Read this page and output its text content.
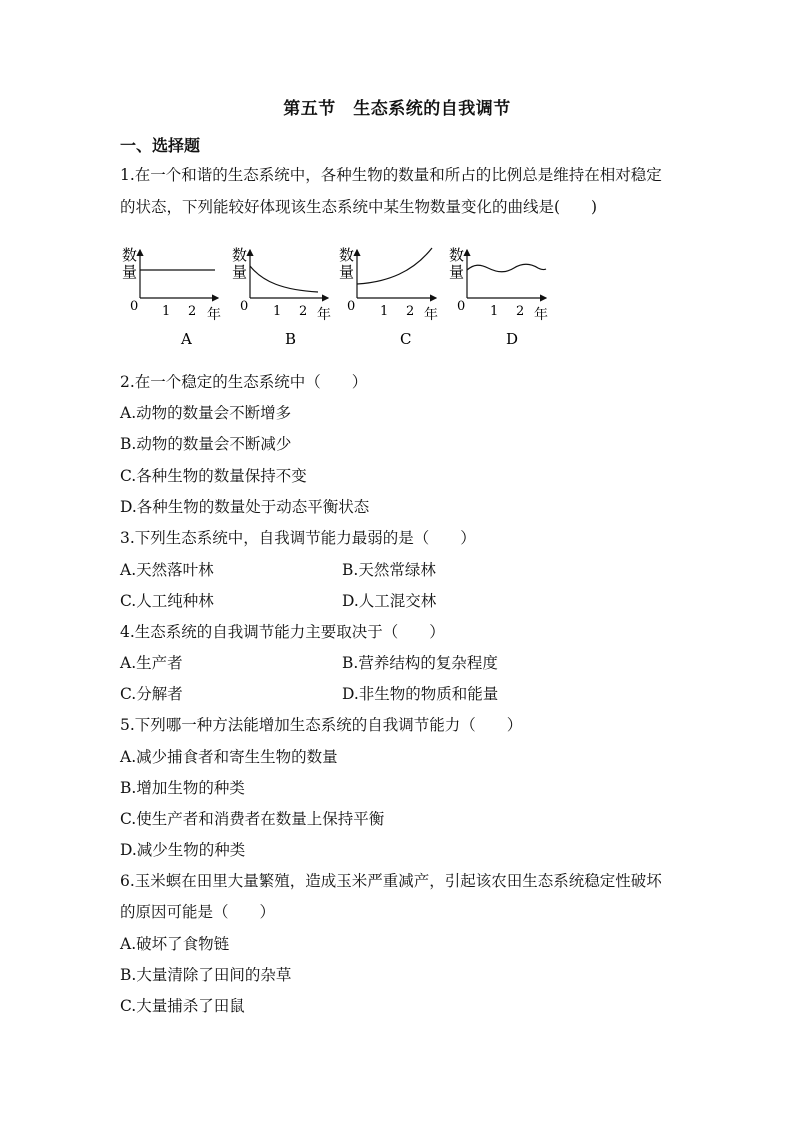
第五节　生态系统的自我调节
一、选择题
1.在一个和谐的生态系统中，各种生物的数量和所占的比例总是维持在相对稳定
的状态，下列能较好体现该生态系统中某生物数量变化的曲线是(　　)
数
量
0 1 2 年
A
数
量
0 1 2 年
B
数
量
0 1 2 年
C
数
量
0 1 2 年
D
2.在一个稳定的生态系统中（　　）
A.动物的数量会不断增多
B.动物的数量会不断减少
C.各种生物的数量保持不变
D.各种生物的数量处于动态平衡状态
3.下列生态系统中，自我调节能力最弱的是（　　）
A.天然落叶林	B.天然常绿林
C.人工纯种林	D.人工混交林
4.生态系统的自我调节能力主要取决于（　　）
A.生产者	B.营养结构的复杂程度
C.分解者	D.非生物的物质和能量
5.下列哪一种方法能增加生态系统的自我调节能力（　　）
A.减少捕食者和寄生生物的数量
B.增加生物的种类
C.使生产者和消费者在数量上保持平衡
D.减少生物的种类
6.玉米螟在田里大量繁殖，造成玉米严重减产，引起该农田生态系统稳定性破坏
的原因可能是（　　）
A.破坏了食物链
B.大量清除了田间的杂草
C.大量捕杀了田鼠
